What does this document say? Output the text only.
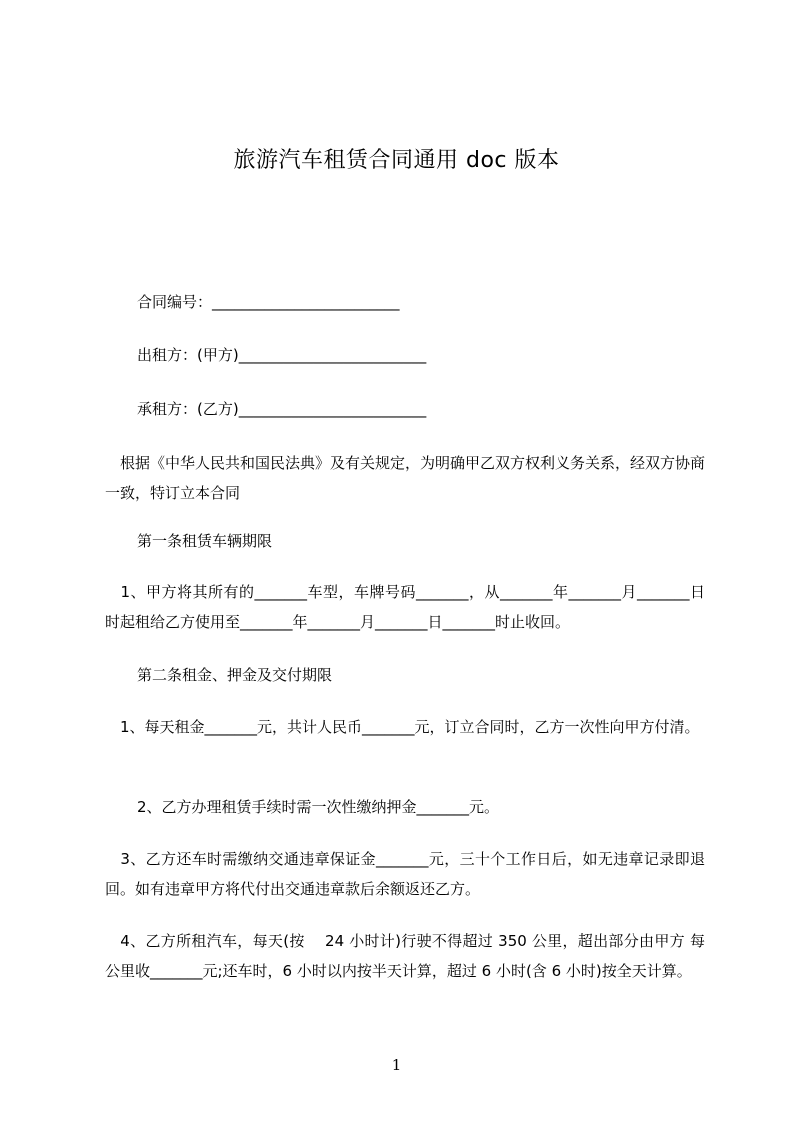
旅游汽车租赁合同通用 doc 版本
合同编号：_________________________
出租方：(甲方)_________________________
承租方：(乙方)_________________________
　根据《中华人民共和国民法典》及有关规定，为明确甲乙双方权利义务关系，经双方协商一致，特订立本合同
第一条租赁车辆期限
　1、甲方将其所有的_______车型，车牌号码_______，从_______年_______月_______日时起租给乙方使用至_______年_______月_______日_______时止收回。
第二条租金、押金及交付期限
　1、每天租金_______元，共计人民币_______元，订立合同时，乙方一次性向甲方付清。
2、乙方办理租赁手续时需一次性缴纳押金_______元。
　3、乙方还车时需缴纳交通违章保证金_______元，三十个工作日后，如无违章记录即退回。如有违章甲方将代付出交通违章款后余额返还乙方。
　4、乙方所租汽车，每天(按　 24 小时计)行驶不得超过 350 公里，超出部分由甲方 每公里收_______元;还车时，6 小时以内按半天计算，超过 6 小时(含 6 小时)按全天计算。
1
